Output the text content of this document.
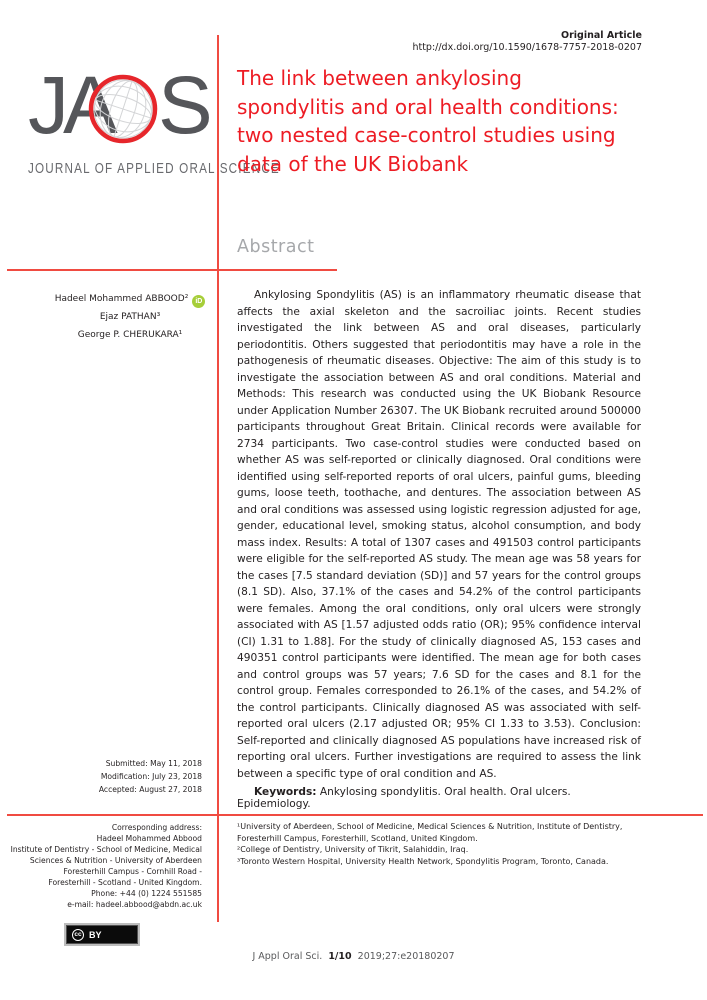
Original Article
http://dx.doi.org/10.1590/1678-7757-2018-0207
JA S
JOURNAL OF APPLIED ORAL SCIENCE
The link between ankylosing
spondylitis and oral health conditions:
two nested case-control studies using
data of the UK Biobank
Abstract
Hadeel Mohammed ABBOOD² iD
Ejaz PATHAN³
George P. CHERUKARA¹
Ankylosing Spondylitis (AS) is an inflammatory rheumatic disease that affects the axial skeleton and the sacroiliac joints. Recent studies investigated the link between AS and oral diseases, particularly periodontitis. Others suggested that periodontitis may have a role in the pathogenesis of rheumatic diseases. Objective: The aim of this study is to investigate the association between AS and oral conditions. Material and Methods: This research was conducted using the UK Biobank Resource under Application Number 26307. The UK Biobank recruited around 500000 participants throughout Great Britain. Clinical records were available for 2734 participants. Two case-control studies were conducted based on whether AS was self-reported or clinically diagnosed. Oral conditions were identified using self-reported reports of oral ulcers, painful gums, bleeding gums, loose teeth, toothache, and dentures. The association between AS and oral conditions was assessed using logistic regression adjusted for age, gender, educational level, smoking status, alcohol consumption, and body mass index. Results: A total of 1307 cases and 491503 control participants were eligible for the self-reported AS study. The mean age was 58 years for the cases [7.5 standard deviation (SD)] and 57 years for the control groups (8.1 SD). Also, 37.1% of the cases and 54.2% of the control participants were females. Among the oral conditions, only oral ulcers were strongly associated with AS [1.57 adjusted odds ratio (OR); 95% confidence interval (CI) 1.31 to 1.88]. For the study of clinically diagnosed AS, 153 cases and 490351 control participants were identified. The mean age for both cases and control groups was 57 years; 7.6 SD for the cases and 8.1 for the control group. Females corresponded to 26.1% of the cases, and 54.2% of the control participants. Clinically diagnosed AS was associated with self-reported oral ulcers (2.17 adjusted OR; 95% CI 1.33 to 3.53). Conclusion: Self-reported and clinically diagnosed AS populations have increased risk of reporting oral ulcers. Further investigations are required to assess the link between a specific type of oral condition and AS.
Keywords: Ankylosing spondylitis. Oral health. Oral ulcers. Epidemiology.
Submitted: May 11, 2018
Modification: July 23, 2018
Accepted: August 27, 2018
Corresponding address:
Hadeel Mohammed Abbood
Institute of Dentistry - School of Medicine, Medical
Sciences & Nutrition - University of Aberdeen
Foresterhill Campus - Cornhill Road -
Foresterhill - Scotland - United Kingdom.
Phone: +44 (0) 1224 551585
e-mail: hadeel.abbood@abdn.ac.uk

¹University of Aberdeen, School of Medicine, Medical Sciences & Nutrition, Institute of Dentistry, Foresterhill Campus, Foresterhill, Scotland, United Kingdom.

²College of Dentistry, University of Tikrit, Salahiddin, Iraq.

³Toronto Western Hospital, University Health Network, Spondylitis Program, Toronto, Canada.

cc BY
J Appl Oral Sci. 1/10 2019;27:e20180207
